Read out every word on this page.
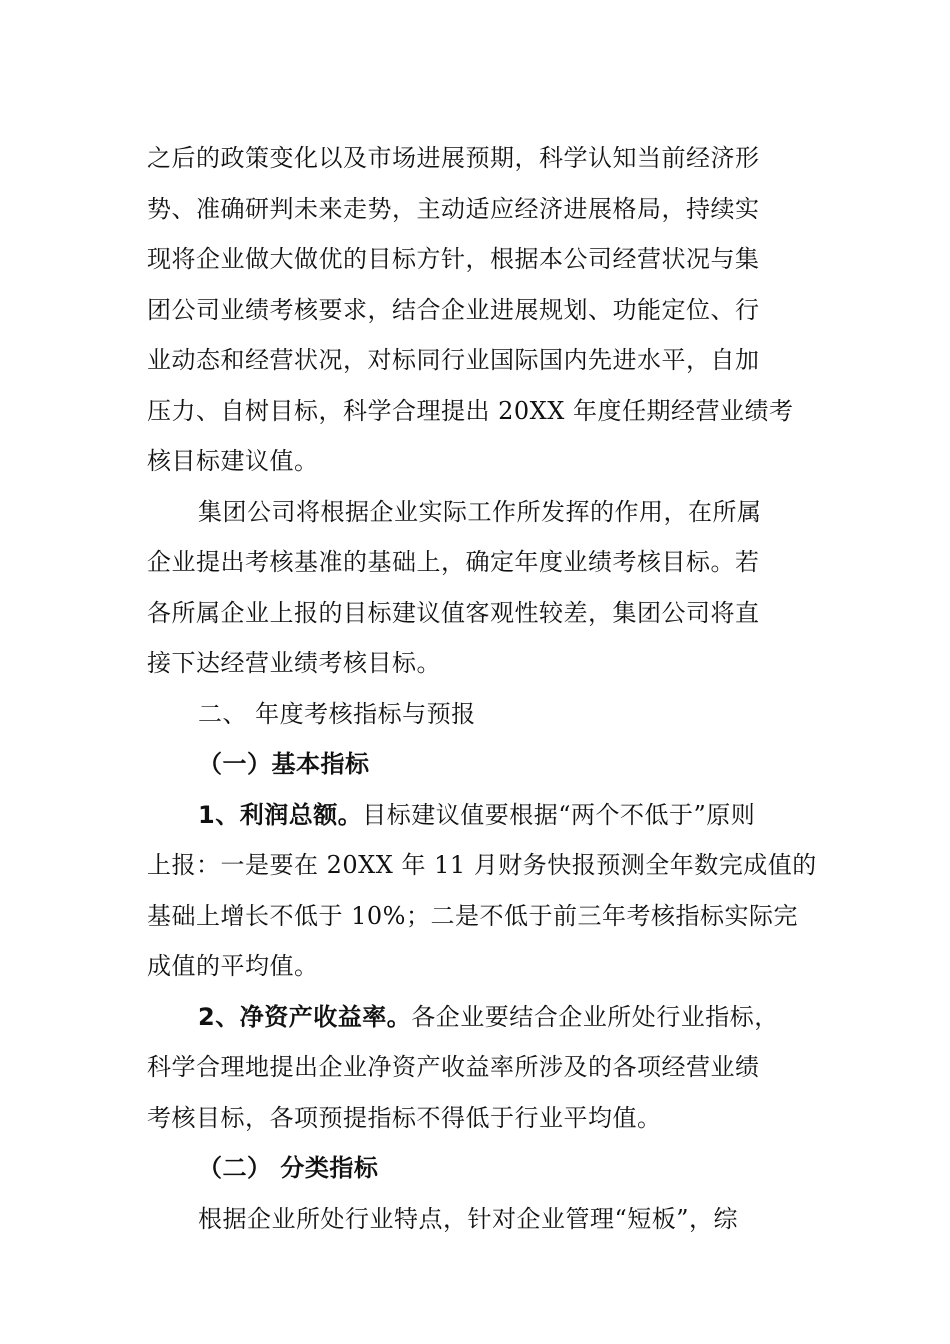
之后的政策变化以及市场进展预期，科学认知当前经济形
势、准确研判未来走势，主动适应经济进展格局，持续实
现将企业做大做优的目标方针，根据本公司经营状况与集
团公司业绩考核要求，结合企业进展规划、功能定位、行
业动态和经营状况，对标同行业国际国内先进水平，自加
压力、自树目标，科学合理提出 20XX 年度任期经营业绩考
核目标建议值。
集团公司将根据企业实际工作所发挥的作用，在所属
企业提出考核基准的基础上，确定年度业绩考核目标。若
各所属企业上报的目标建议值客观性较差，集团公司将直
接下达经营业绩考核目标。
二、 年度考核指标与预报
（一）基本指标
1、利润总额。目标建议值要根据“两个不低于”原则
上报：一是要在 20XX 年 11 月财务快报预测全年数完成值的
基础上增长不低于 10%；二是不低于前三年考核指标实际完
成值的平均值。
2、净资产收益率。各企业要结合企业所处行业指标，
科学合理地提出企业净资产收益率所涉及的各项经营业绩
考核目标，各项预提指标不得低于行业平均值。
（二） 分类指标
根据企业所处行业特点，针对企业管理“短板”，综
